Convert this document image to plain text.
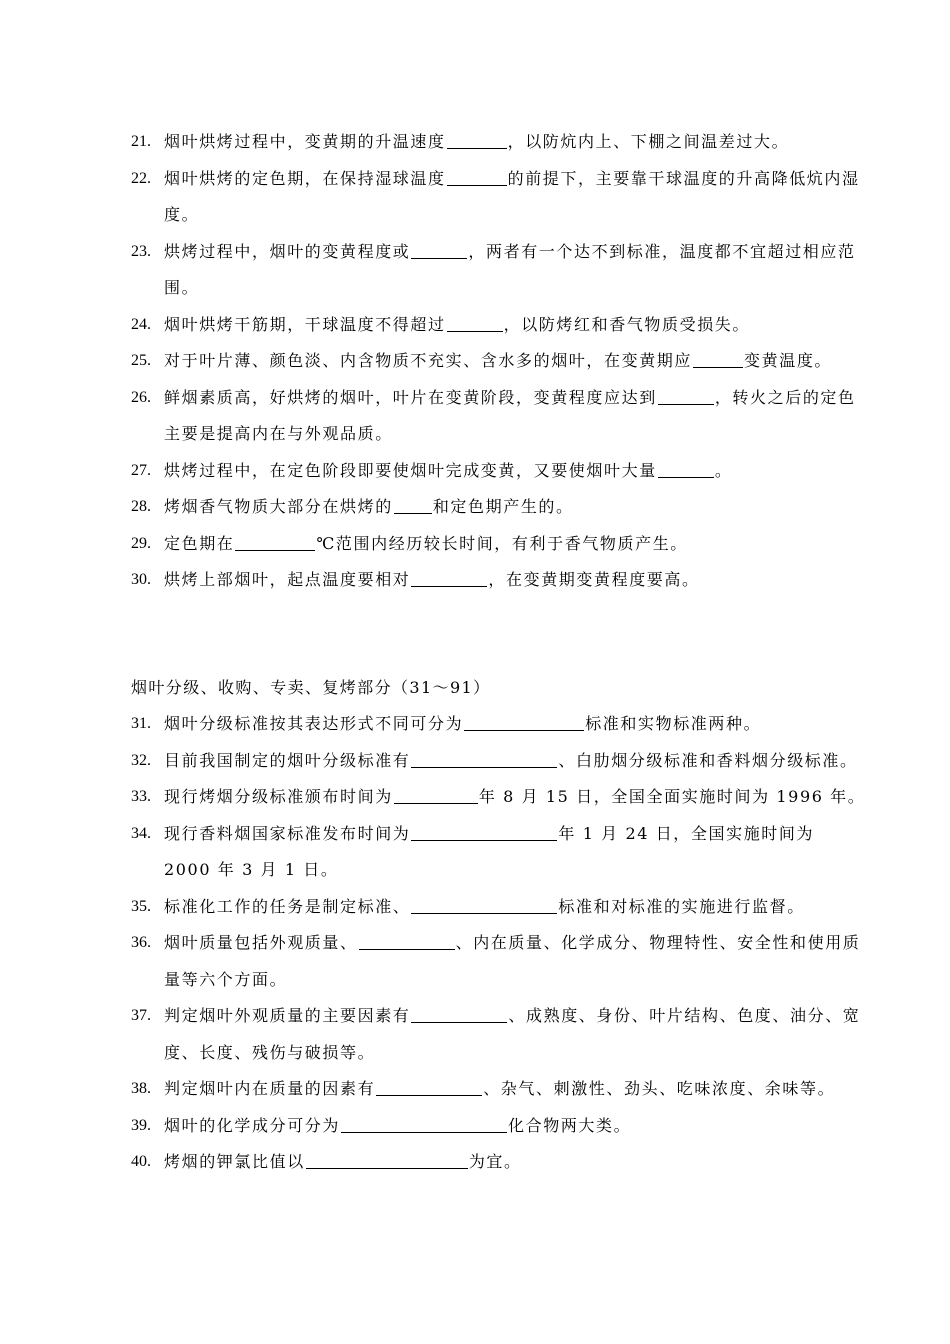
21. 烟叶烘烤过程中，变黄期的升温速度	，以防炕内上、下棚之间温差过大。
22. 烟叶烘烤的定色期，在保持湿球温度	的前提下，主要靠干球温度的升高降低炕内湿度。
23. 烘烤过程中，烟叶的变黄程度或	，两者有一个达不到标准，温度都不宜超过相应范围。
24. 烟叶烘烤干筋期，干球温度不得超过	，以防烤红和香气物质受损失。
25. 对于叶片薄、颜色淡、内含物质不充实、含水多的烟叶，在变黄期应	变黄温度。
26. 鲜烟素质高，好烘烤的烟叶，叶片在变黄阶段，变黄程度应达到	，转火之后的定色主要是提高内在与外观品质。
27. 烘烤过程中，在定色阶段即要使烟叶完成变黄，又要使烟叶大量	。
28. 烤烟香气物质大部分在烘烤的	和定色期产生的。
29. 定色期在	℃范围内经历较长时间，有利于香气物质产生。
30. 烘烤上部烟叶，起点温度要相对	，在变黄期变黄程度要高。
烟叶分级、收购、专卖、复烤部分（31～91）
31. 烟叶分级标准按其表达形式不同可分为	标准和实物标准两种。
32. 目前我国制定的烟叶分级标准有	、白肋烟分级标准和香料烟分级标准。
33. 现行烤烟分级标准颁布时间为	年 8 月 15 日，全国全面实施时间为 1996 年。
34. 现行香料烟国家标准发布时间为	年 1 月 24 日，全国实施时间为 2000 年 3 月 1 日。
35. 标准化工作的任务是制定标准、	标准和对标准的实施进行监督。
36. 烟叶质量包括外观质量、	、内在质量、化学成分、物理特性、安全性和使用质量等六个方面。
37. 判定烟叶外观质量的主要因素有	、成熟度、身份、叶片结构、色度、油分、宽度、长度、残伤与破损等。
38. 判定烟叶内在质量的因素有	、杂气、刺激性、劲头、吃味浓度、余味等。
39. 烟叶的化学成分可分为	化合物两大类。
40. 烤烟的钾氯比值以	为宜。
